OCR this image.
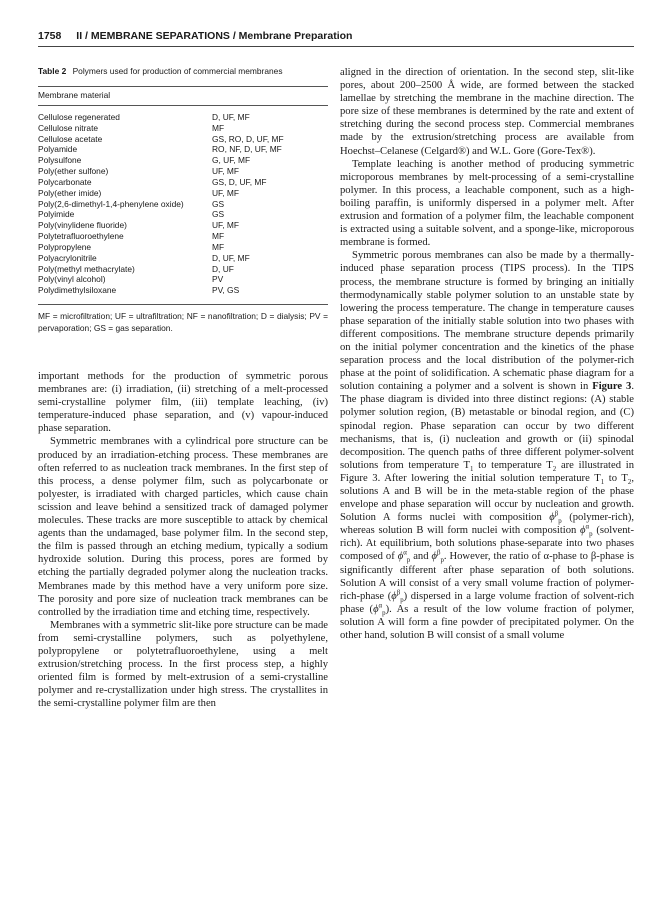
1758 II / MEMBRANE SEPARATIONS / Membrane Preparation
Table 2 Polymers used for production of commercial membranes
Membrane material
Cellulose regenerated	D, UF, MF
Cellulose nitrate	MF
Cellulose acetate	GS, RO, D, UF, MF
Polyamide	RO, NF, D, UF, MF
Polysulfone	G, UF, MF
Poly(ether sulfone)	UF, MF
Polycarbonate	GS, D, UF, MF
Poly(ether imide)	UF, MF
Poly(2,6-dimethyl-1,4-phenylene oxide)	GS
Polyimide	GS
Poly(vinylidene fluoride)	UF, MF
Polytetrafluoroethylene	MF
Polypropylene	MF
Polyacrylonitrile	D, UF, MF
Poly(methyl methacrylate)	D, UF
Poly(vinyl alcohol)	PV
Polydimethylsiloxane	PV, GS
MF = microfiltration; UF = ultrafiltration; NF = nanofiltration; D = dialysis; PV = pervaporation; GS = gas separation.

important methods for the production of symmetric porous membranes are: (i) irradiation, (ii) stretching of a melt-processed semi-crystalline polymer film, (iii) template leaching, (iv) temperature-induced phase separation, and (v) vapour-induced phase separation.

Symmetric membranes with a cylindrical pore structure can be produced by an irradiation-etching process. These membranes are often referred to as nucleation track membranes. In the first step of this process, a dense polymer film, such as polycarbonate or polyester, is irradiated with charged particles, which cause chain scission and leave behind a sensitized track of damaged polymer molecules. These tracks are more susceptible to attack by chemical agents than the undamaged, base polymer film. In the second step, the film is passed through an etching medium, typically a sodium hydroxide solution. During this process, pores are formed by etching the partially degraded polymer along the nucleation tracks. Membranes made by this method have a very uniform pore size. The porosity and pore size of nucleation track membranes can be controlled by the irradiation time and etching time, respectively.

Membranes with a symmetric slit-like pore structure can be made from semi-crystalline polymers, such as polyethylene, polypropylene or polytetrafluoroethylene, using a melt extrusion/stretching process. In the first process step, a highly oriented film is formed by melt-extrusion of a semi-crystalline polymer and re-crystallization under high stress. The crystallites in the semi-crystalline polymer film are then

aligned in the direction of orientation. In the second step, slit-like pores, about 200–2500 Å wide, are formed between the stacked lamellae by stretching the membrane in the machine direction. The pore size of these membranes is determined by the rate and extent of stretching during the second process step. Commercial membranes made by the extrusion/stretching process are available from Hoechst–Celanese (Celgard®) and W.L. Gore (Gore-Tex®).

Template leaching is another method of producing symmetric microporous membranes by melt-processing of a semi-crystalline polymer. In this process, a leachable component, such as a high-boiling paraffin, is uniformly dispersed in a polymer melt. After extrusion and formation of a polymer film, the leachable component is extracted using a suitable solvent, and a sponge-like, microporous membrane is formed.

Symmetric porous membranes can also be made by a thermally-induced phase separation process (TIPS process). In the TIPS process, the membrane structure is formed by bringing an initially thermodynamically stable polymer solution to an unstable state by lowering the process temperature. The change in temperature causes phase separation of the initially stable solution into two phases with different compositions. The membrane structure depends primarily on the initial polymer concentration and the kinetics of the phase separation process and the local distribution of the polymer-rich phase at the point of solidification. A schematic phase diagram for a solution containing a polymer and a solvent is shown in Figure 3. The phase diagram is divided into three distinct regions: (A) stable polymer solution region, (B) metastable or binodal region, and (C) spinodal region. Phase separation can occur by two different mechanisms, that is, (i) nucleation and growth or (ii) spinodal decomposition. The quench paths of three different polymer-solvent solutions from temperature $T_1$ to temperature $T_2$ are illustrated in Figure 3. After lowering the initial solution temperature $T_1$ to $T_2$, solutions A and B will be in the meta-stable region of the phase envelope and phase separation will occur by nucleation and growth. Solution A forms nuclei with composition $\phi^\beta_p$ (polymer-rich), whereas solution B will form nuclei with composition $\phi^\alpha_p$ (solvent-rich). At equilibrium, both solutions phase-separate into two phases composed of $\phi^\alpha_p$ and $\phi^\beta_p$. However, the ratio of α-phase to β-phase is significantly different after phase separation of both solutions. Solution A will consist of a very small volume fraction of polymer-rich-phase $(\phi^\beta_p)$ dispersed in a large volume fraction of solvent-rich phase $(\phi^\alpha_p)$. As a result of the low volume fraction of polymer, solution A will form a fine powder of precipitated polymer. On the other hand, solution B will consist of a small volume
